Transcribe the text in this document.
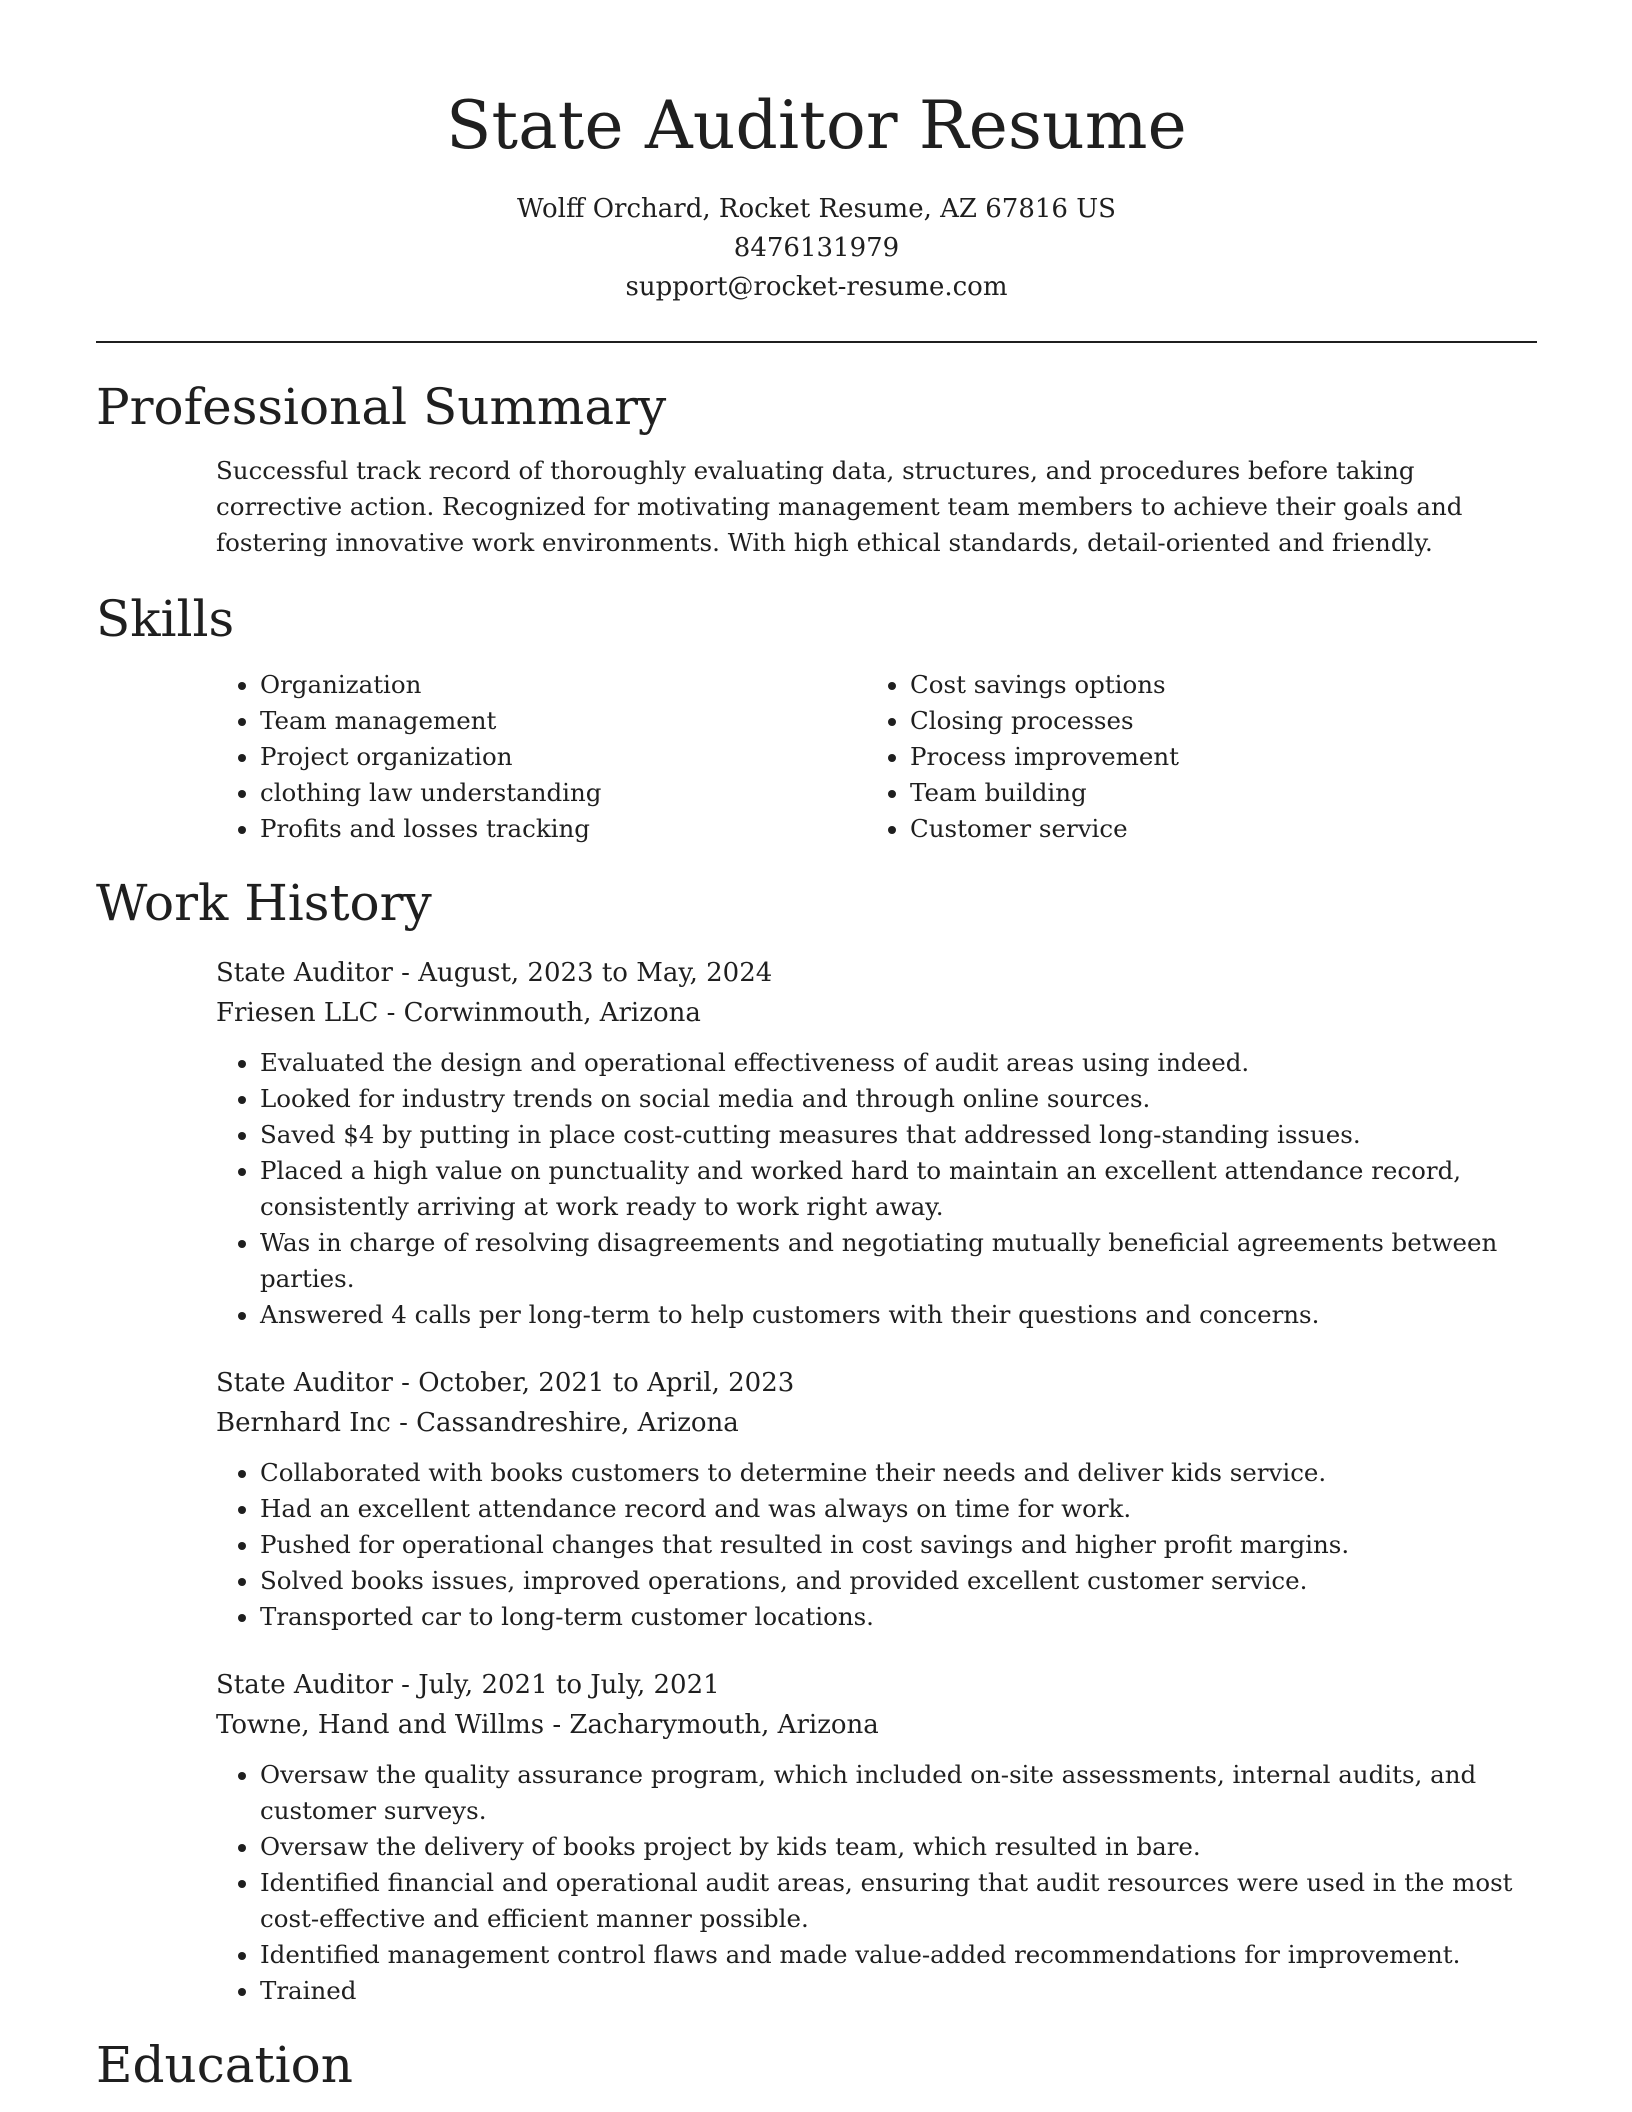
State Auditor Resume
Wolff Orchard, Rocket Resume, AZ 67816 US
8476131979
support@rocket-resume.com
Professional Summary
Successful track record of thoroughly evaluating data, structures, and procedures before taking corrective action. Recognized for motivating management team members to achieve their goals and fostering innovative work environments. With high ethical standards, detail-oriented and friendly.
Skills
• Organization
• Team management
• Project organization
• clothing law understanding
• Profits and losses tracking
• Cost savings options
• Closing processes
• Process improvement
• Team building
• Customer service
Work History
State Auditor - August, 2023 to May, 2024
Friesen LLC - Corwinmouth, Arizona
• Evaluated the design and operational effectiveness of audit areas using indeed.
• Looked for industry trends on social media and through online sources.
• Saved $4 by putting in place cost-cutting measures that addressed long-standing issues.
• Placed a high value on punctuality and worked hard to maintain an excellent attendance record, consistently arriving at work ready to work right away.
• Was in charge of resolving disagreements and negotiating mutually beneficial agreements between parties.
• Answered 4 calls per long-term to help customers with their questions and concerns.
State Auditor - October, 2021 to April, 2023
Bernhard Inc - Cassandreshire, Arizona
• Collaborated with books customers to determine their needs and deliver kids service.
• Had an excellent attendance record and was always on time for work.
• Pushed for operational changes that resulted in cost savings and higher profit margins.
• Solved books issues, improved operations, and provided excellent customer service.
• Transported car to long-term customer locations.
State Auditor - July, 2021 to July, 2021
Towne, Hand and Willms - Zacharymouth, Arizona
• Oversaw the quality assurance program, which included on-site assessments, internal audits, and customer surveys.
• Oversaw the delivery of books project by kids team, which resulted in bare.
• Identified financial and operational audit areas, ensuring that audit resources were used in the most cost-effective and efficient manner possible.
• Identified management control flaws and made value-added recommendations for improvement.
• Trained
Education
